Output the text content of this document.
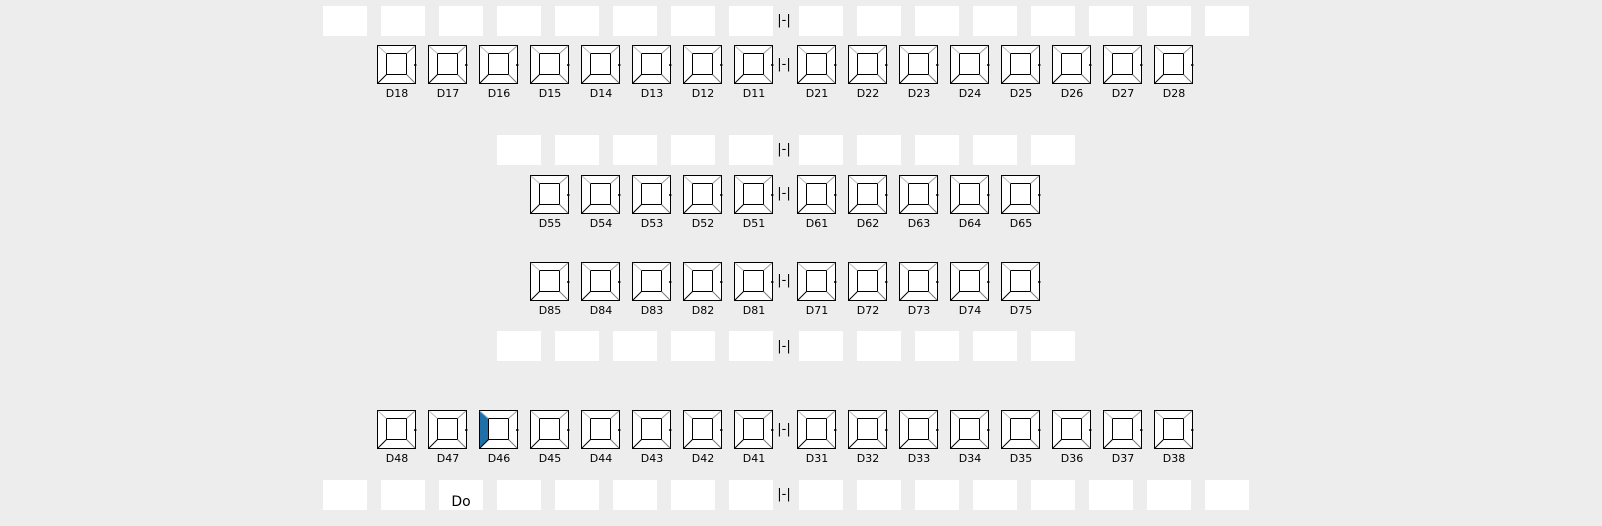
|-|
D18	D17	D16	D15	D14	D13	D12	D11	D21	D22	D23	D24	D25	D26	D27	D28
|-|
|-|
D55	D54	D53	D52	D51	D61	D62	D63	D64	D65
|-|
D85	D84	D83	D82	D81	D71	D72	D73	D74	D75
|-|
|-|
D48	D47	D46	D45	D44	D43	D42	D41	D31	D32	D33	D34	D35	D36	D37	D38
|-|
Do	|-|
